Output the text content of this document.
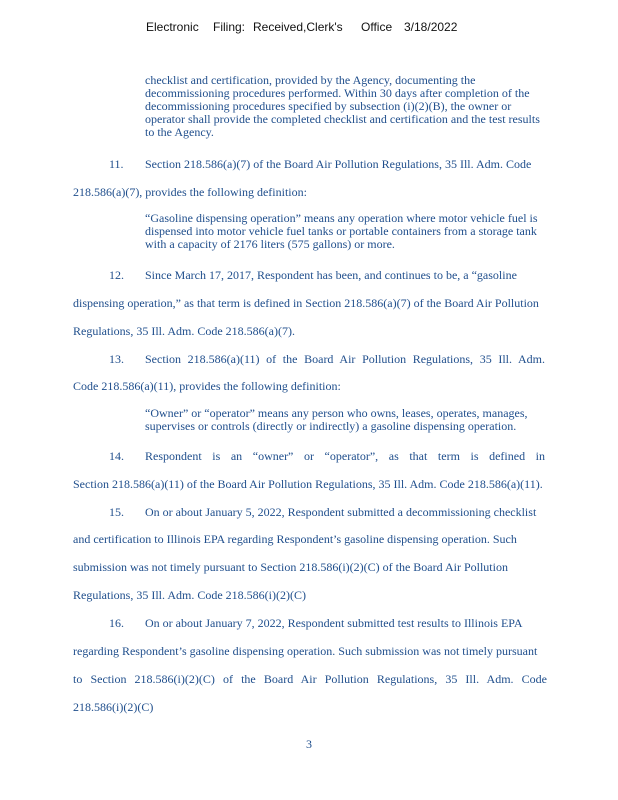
Electronic Filing: Received,Clerk's Office 3/18/2022
checklist and certification, provided by the Agency, documenting the
decommissioning procedures performed. Within 30 days after completion of the
decommissioning procedures specified by subsection (i)(2)(B), the owner or
operator shall provide the completed checklist and certification and the test results
to the Agency.
11. Section 218.586(a)(7) of the Board Air Pollution Regulations, 35 Ill. Adm. Code
218.586(a)(7), provides the following definition:
“Gasoline dispensing operation” means any operation where motor vehicle fuel is
dispensed into motor vehicle fuel tanks or portable containers from a storage tank
with a capacity of 2176 liters (575 gallons) or more.
12. Since March 17, 2017, Respondent has been, and continues to be, a “gasoline
dispensing operation,” as that term is defined in Section 218.586(a)(7) of the Board Air Pollution
Regulations, 35 Ill. Adm. Code 218.586(a)(7).
13. Section 218.586(a)(11) of the Board Air Pollution Regulations, 35 Ill. Adm.
Code 218.586(a)(11), provides the following definition:
“Owner” or “operator” means any person who owns, leases, operates, manages,
supervises or controls (directly or indirectly) a gasoline dispensing operation.
14. Respondent is an “owner” or “operator”, as that term is defined in
Section 218.586(a)(11) of the Board Air Pollution Regulations, 35 Ill. Adm. Code 218.586(a)(11).
15. On or about January 5, 2022, Respondent submitted a decommissioning checklist
and certification to Illinois EPA regarding Respondent’s gasoline dispensing operation. Such
submission was not timely pursuant to Section 218.586(i)(2)(C) of the Board Air Pollution
Regulations, 35 Ill. Adm. Code 218.586(i)(2)(C)
16. On or about January 7, 2022, Respondent submitted test results to Illinois EPA
regarding Respondent’s gasoline dispensing operation. Such submission was not timely pursuant
to Section 218.586(i)(2)(C) of the Board Air Pollution Regulations, 35 Ill. Adm. Code
218.586(i)(2)(C)
3
